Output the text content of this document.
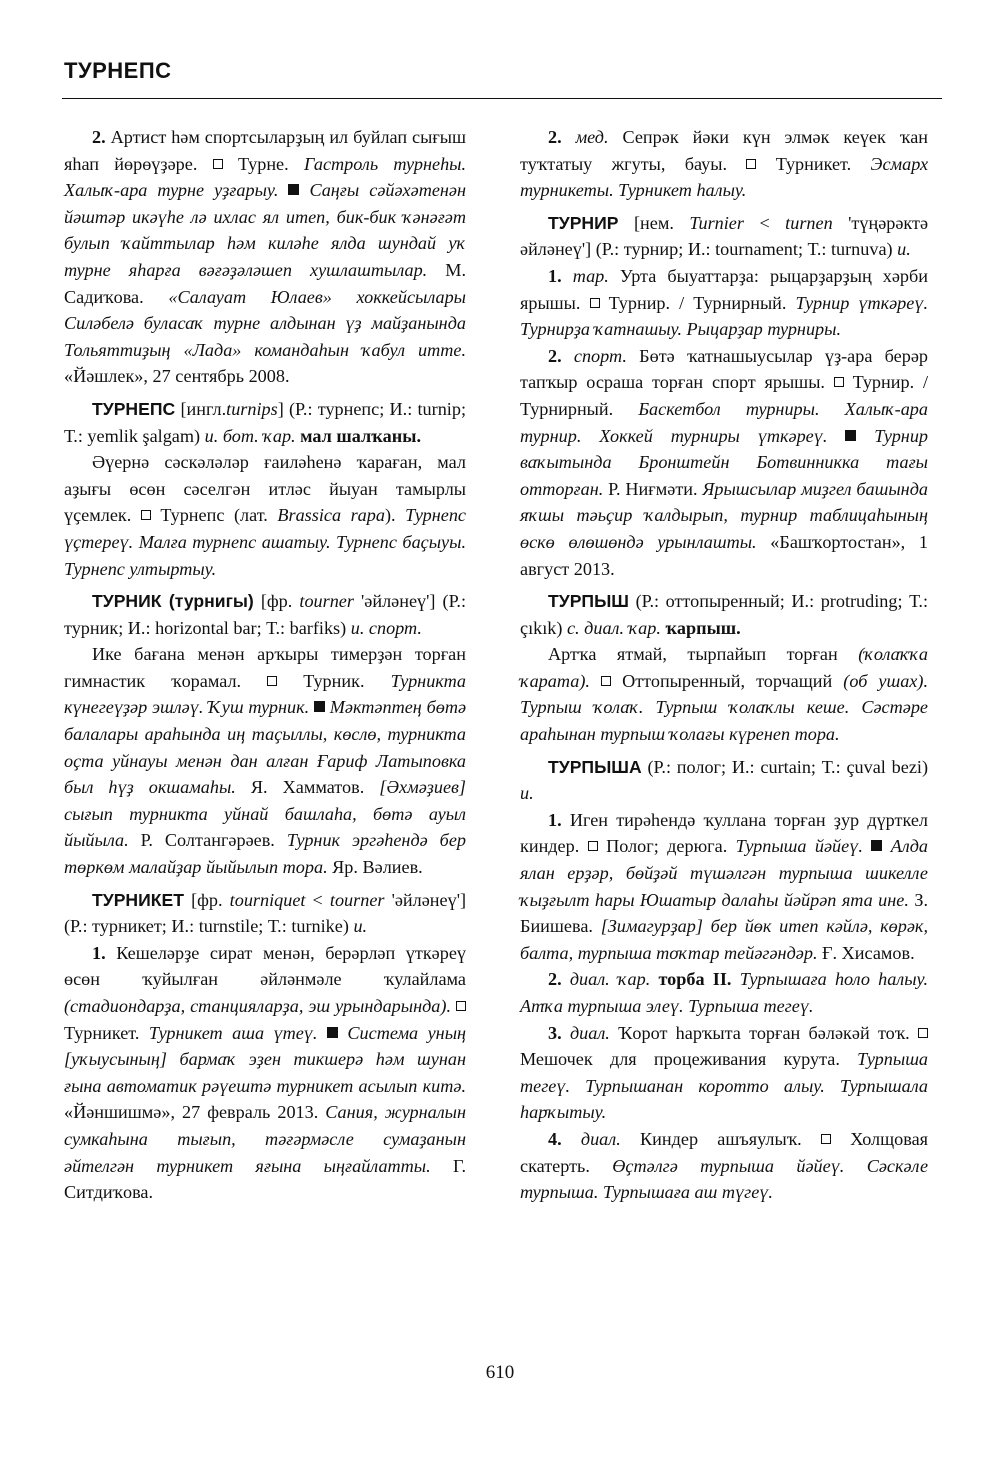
ТУРНЕПС

2. Артист һәм спортсыларҙың ил буйлап сығыш яһап йөрөүҙәре. Турне. Гастроль турнеһы. Халыҡ-ара турне уҙғарыу. Саңғы сәйәхәтенән йәштәр икәүһе лә ихлас ял итеп, бик-бик ҡәнәғәт булып ҡайттылар һәм киләһе ялда шундай уҡ турне яһарға вәғәҙәләшеп хушлаштылар. М. Садиҡова. «Салауат Юлаев» хоккейсылары Силәбелә буласаҡ турне алдынан үҙ майҙанында Тольяттиҙың «Лада» командаһын ҡабул итте. «Йәшлек», 27 сентябрь 2008.

ТУРНЕПС [ингл.turnips] (Р.: турнепс; И.: turnip; Т.: yemlik şalgam) и. бот. ҡар. мал шалҡаны.

Әүернә сәскәләләр ғаиләһенә ҡараған, мал аҙығы өсөн сәселгән итләс йыуан тамырлы үҫемлек. Турнепс (лат. Brassica rapa). Турнепс үҫтереү. Малға турнепс ашатыу. Турнепс баҫыуы. Турнепс ултыртыу.

ТУРНИК (турнигы) [фр. tourner 'әйләнеү'] (Р.: турник; И.: horizontal bar; Т.: barfiks) и. спорт.

Ике бағана менән арҡыры тимерҙән торған гимнастик ҡорамал.	Турник. Турникта күнегеүҙәр эшләү. Ҡуш турник. Мәктәптең бөтә балалары араһында иң таҫыллы, көслө, турникта оҫта уйнауы менән дан алған Ғариф Латыповка был һүҙ окшамаһы. Я. Хамматов. [Әхмәҙиев] сығып турникта уйнай башлаһа, бөтә ауыл йыйыла. Р. Солтангәрәев. Турник эргәһендә бер төркөм малайҙар йыйылып тора. Яр. Вәлиев.

ТУРНИКЕТ [фр. tourniquet < tourner 'әйләнеү'] (Р.: турникет; И.: turnstile; Т.: turnike) и.

1. Кешеләрҙе сират менән, берәрләп үткәреү өсөн ҡуйылған әйләнмәле ҡулайлама (стадиондарҙа, станцияларҙа, эш урындарында).  Турникет. Турникет аша үтеү. Система уның [уҡыусының] бармаҡ эҙен тикшерә һәм шунан ғына автоматик рәүештә турникет асылып китә. «Йәншишмә», 27 февраль 2013. Сания, журналын сумкаһына тығып, тәғәрмәсле сумаҙанын әйтелгән турникет яғына ыңғайлатты. Г. Ситдиҡова.

2. мед. Сепрәк йәки күн элмәк кеүек ҡан туҡтатыу жгуты, бауы.	Турникет. Эсмарх турникеты. Турникет һалыу.

ТУРНИР [нем. Turnier < turnen 'түңәрәктә әйләнеү'] (Р.: турнир; И.: tournament; Т.: turnuva) и.

1. тар. Урта быуаттарҙа: рыцарҙарҙың хәрби ярышы. Турнир. / Турнирный. Турнир үткәреү. Турнирҙа ҡатнашыу. Рыцарҙар турниры.

2. спорт. Бөтә ҡатнашыусылар үҙ-ара берәр тапҡыр осраша торған спорт ярышы. Турнир. / Турнирный. Баскетбол турниры. Халыҡ-ара турнир. Хоккей турниры үткәреү.	Турнир ваҡытында Бронштейн Ботвинникка тағы отторған. Р. Ниғмәти. Ярышсылар миҙгел башында яҡшы тәьҫир ҡалдырып, турнир таблицаһының өскө өлөшөндә урынлашты. «Башҡортостан», 1 август 2013.

ТУРПЫШ (Р.: оттопыренный; И.: protruding; Т.: çıkık) с. диал. ҡар. ҡарпыш.

Артҡа ятмай, тырпайып торған (ҡолаҡҡа ҡарата). Оттопыренный, торчащий (об ушах). Турпыш ҡолаҡ. Турпыш ҡолаҡлы кеше. Сәстәре араһынан турпыш ҡолағы күренеп тора.

ТУРПЫША (Р.: полог; И.: curtain; Т.: çuval bezi) и.

1. Иген тирәһендә ҡуллана торған ҙур дүрткел киндер. Полог; дерюга. Турпыша йәйеү. Алда ялан ерҙәр, бөйҙәй түшәлгән турпыша шикелле ҡыҙғылт һары Юшатыр далаһы йәйрәп ята ине. З. Биишева. [Зимагурҙар] бер йөк итеп кәйлә, көрәк, балта, турпыша тоҡтар тейәгәндәр. Ғ. Хисамов.

2. диал. ҡар. торба II. Турпышаға һоло һалыу. Атҡа турпыша элеү. Турпыша тегеү.

3. диал. Ҡорот һарҡыта торған бәләкәй тоҡ.  Мешочек для процеживания курута. Турпыша тегеү. Турпышанан коротто алыу. Турпышала һарҡытыу.

4. диал. Киндер ашъяулыҡ.	Холщовая скатерть. Өҫтәлгә турпыша йәйеү. Сәскәле турпыша. Турпышаға аш түгеү.

610
